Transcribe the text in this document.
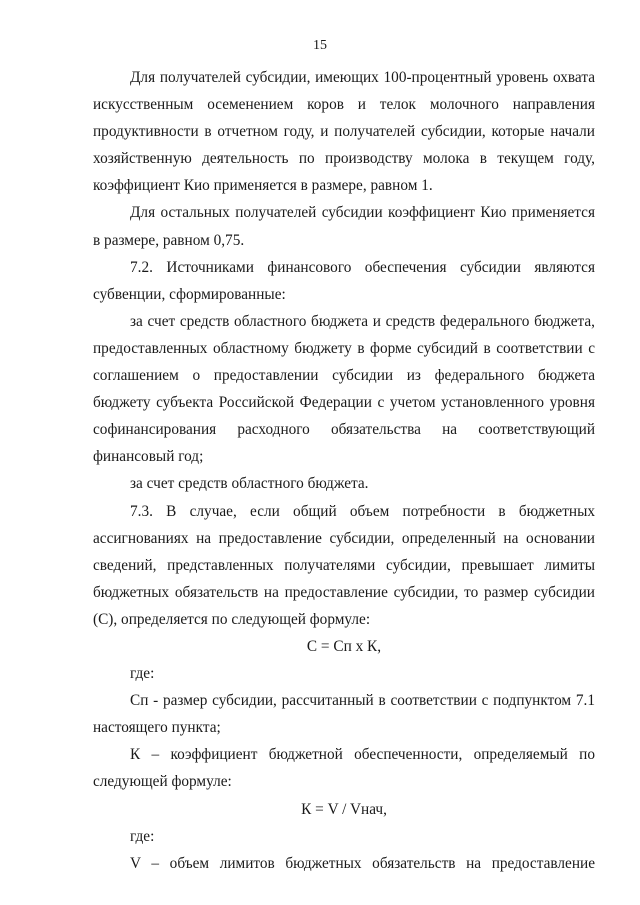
15

Для получателей субсидии, имеющих 100-процентный уровень охвата искусственным осеменением коров и телок молочного направления продуктивности в отчетном году, и получателей субсидии, которые начали хозяйственную деятельность по производству молока в текущем году, коэффициент Кио применяется в размере, равном 1.

Для остальных получателей субсидии коэффициент Кио применяется в размере, равном 0,75.

7.2. Источниками финансового обеспечения субсидии являются субвенции, сформированные:

за счет средств областного бюджета и средств федерального бюджета, предоставленных областному бюджету в форме субсидий в соответствии с соглашением о предоставлении субсидии из федерального бюджета бюджету субъекта Российской Федерации с учетом установленного уровня софинансирования расходного обязательства на соответствующий финансовый год;

за счет средств областного бюджета.

7.3. В случае, если общий объем потребности в бюджетных ассигнованиях на предоставление субсидии, определенный на основании сведений, представленных получателями субсидии, превышает лимиты бюджетных обязательств на предоставление субсидии, то размер субсидии (С), определяется по следующей формуле:

С = Сп х К,

где:

Сп - размер субсидии, рассчитанный в соответствии с подпунктом 7.1 настоящего пункта;

К – коэффициент бюджетной обеспеченности, определяемый по следующей формуле:

К = V / Vнач,

где:

V – объем лимитов бюджетных обязательств на предоставление
